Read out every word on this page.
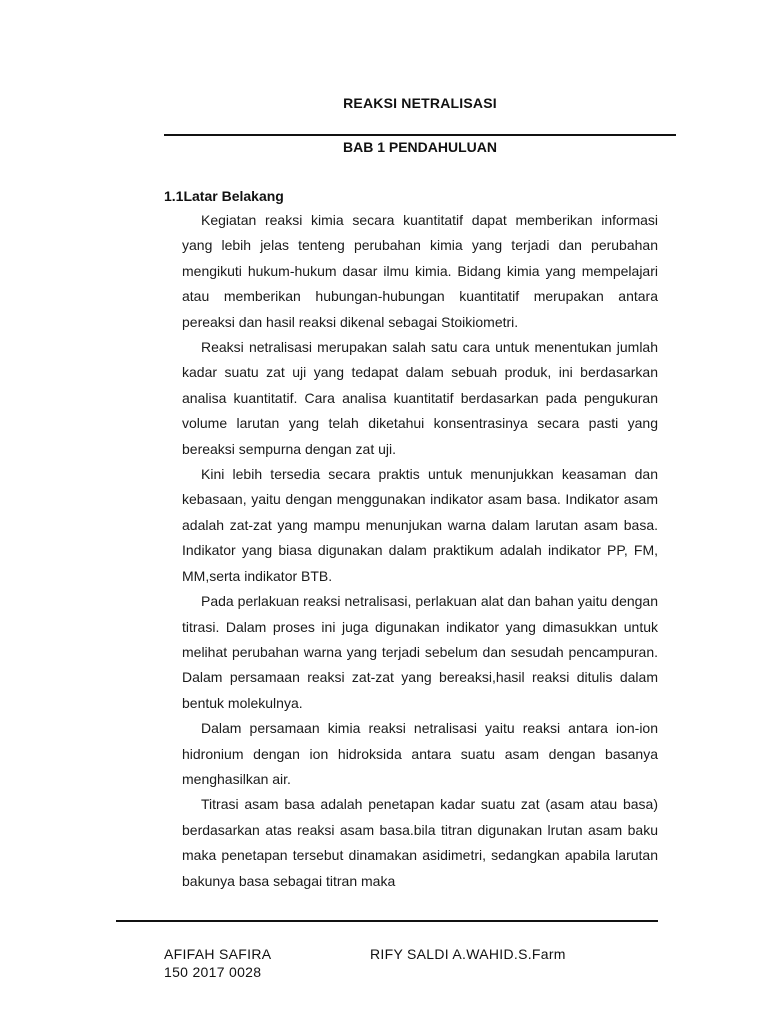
REAKSI NETRALISASI
BAB 1 PENDAHULUAN
1.1Latar Belakang

Kegiatan reaksi kimia secara kuantitatif dapat memberikan informasi yang lebih jelas tenteng perubahan kimia yang terjadi dan perubahan mengikuti hukum-hukum dasar ilmu kimia. Bidang kimia yang mempelajari atau memberikan hubungan-hubungan kuantitatif merupakan antara pereaksi dan hasil reaksi dikenal sebagai Stoikiometri.

Reaksi netralisasi merupakan salah satu cara untuk menentukan jumlah kadar suatu zat uji yang tedapat dalam sebuah produk, ini berdasarkan analisa kuantitatif. Cara analisa kuantitatif berdasarkan pada pengukuran volume larutan yang telah diketahui konsentrasinya secara pasti yang bereaksi sempurna dengan zat uji.

Kini lebih tersedia secara praktis untuk menunjukkan keasaman dan kebasaan, yaitu dengan menggunakan indikator asam basa. Indikator asam adalah zat-zat yang mampu menunjukan warna dalam larutan asam basa. Indikator yang biasa digunakan dalam praktikum adalah indikator PP, FM, MM,serta indikator BTB.

Pada perlakuan reaksi netralisasi, perlakuan alat dan bahan yaitu dengan titrasi. Dalam proses ini juga digunakan indikator yang dimasukkan untuk melihat perubahan warna yang terjadi sebelum dan sesudah pencampuran. Dalam persamaan reaksi zat-zat yang bereaksi,hasil reaksi ditulis dalam bentuk molekulnya.

Dalam persamaan kimia reaksi netralisasi yaitu reaksi antara ion-ion hidronium dengan ion hidroksida antara suatu asam dengan basanya menghasilkan air.

Titrasi asam basa adalah penetapan kadar suatu zat (asam atau basa) berdasarkan atas reaksi asam basa.bila titran digunakan lrutan asam baku maka penetapan tersebut dinamakan asidimetri, sedangkan apabila larutan bakunya basa sebagai titran maka

AFIFAH SAFIRA
150 2017 0028
RIFY SALDI A.WAHID.S.Farm
